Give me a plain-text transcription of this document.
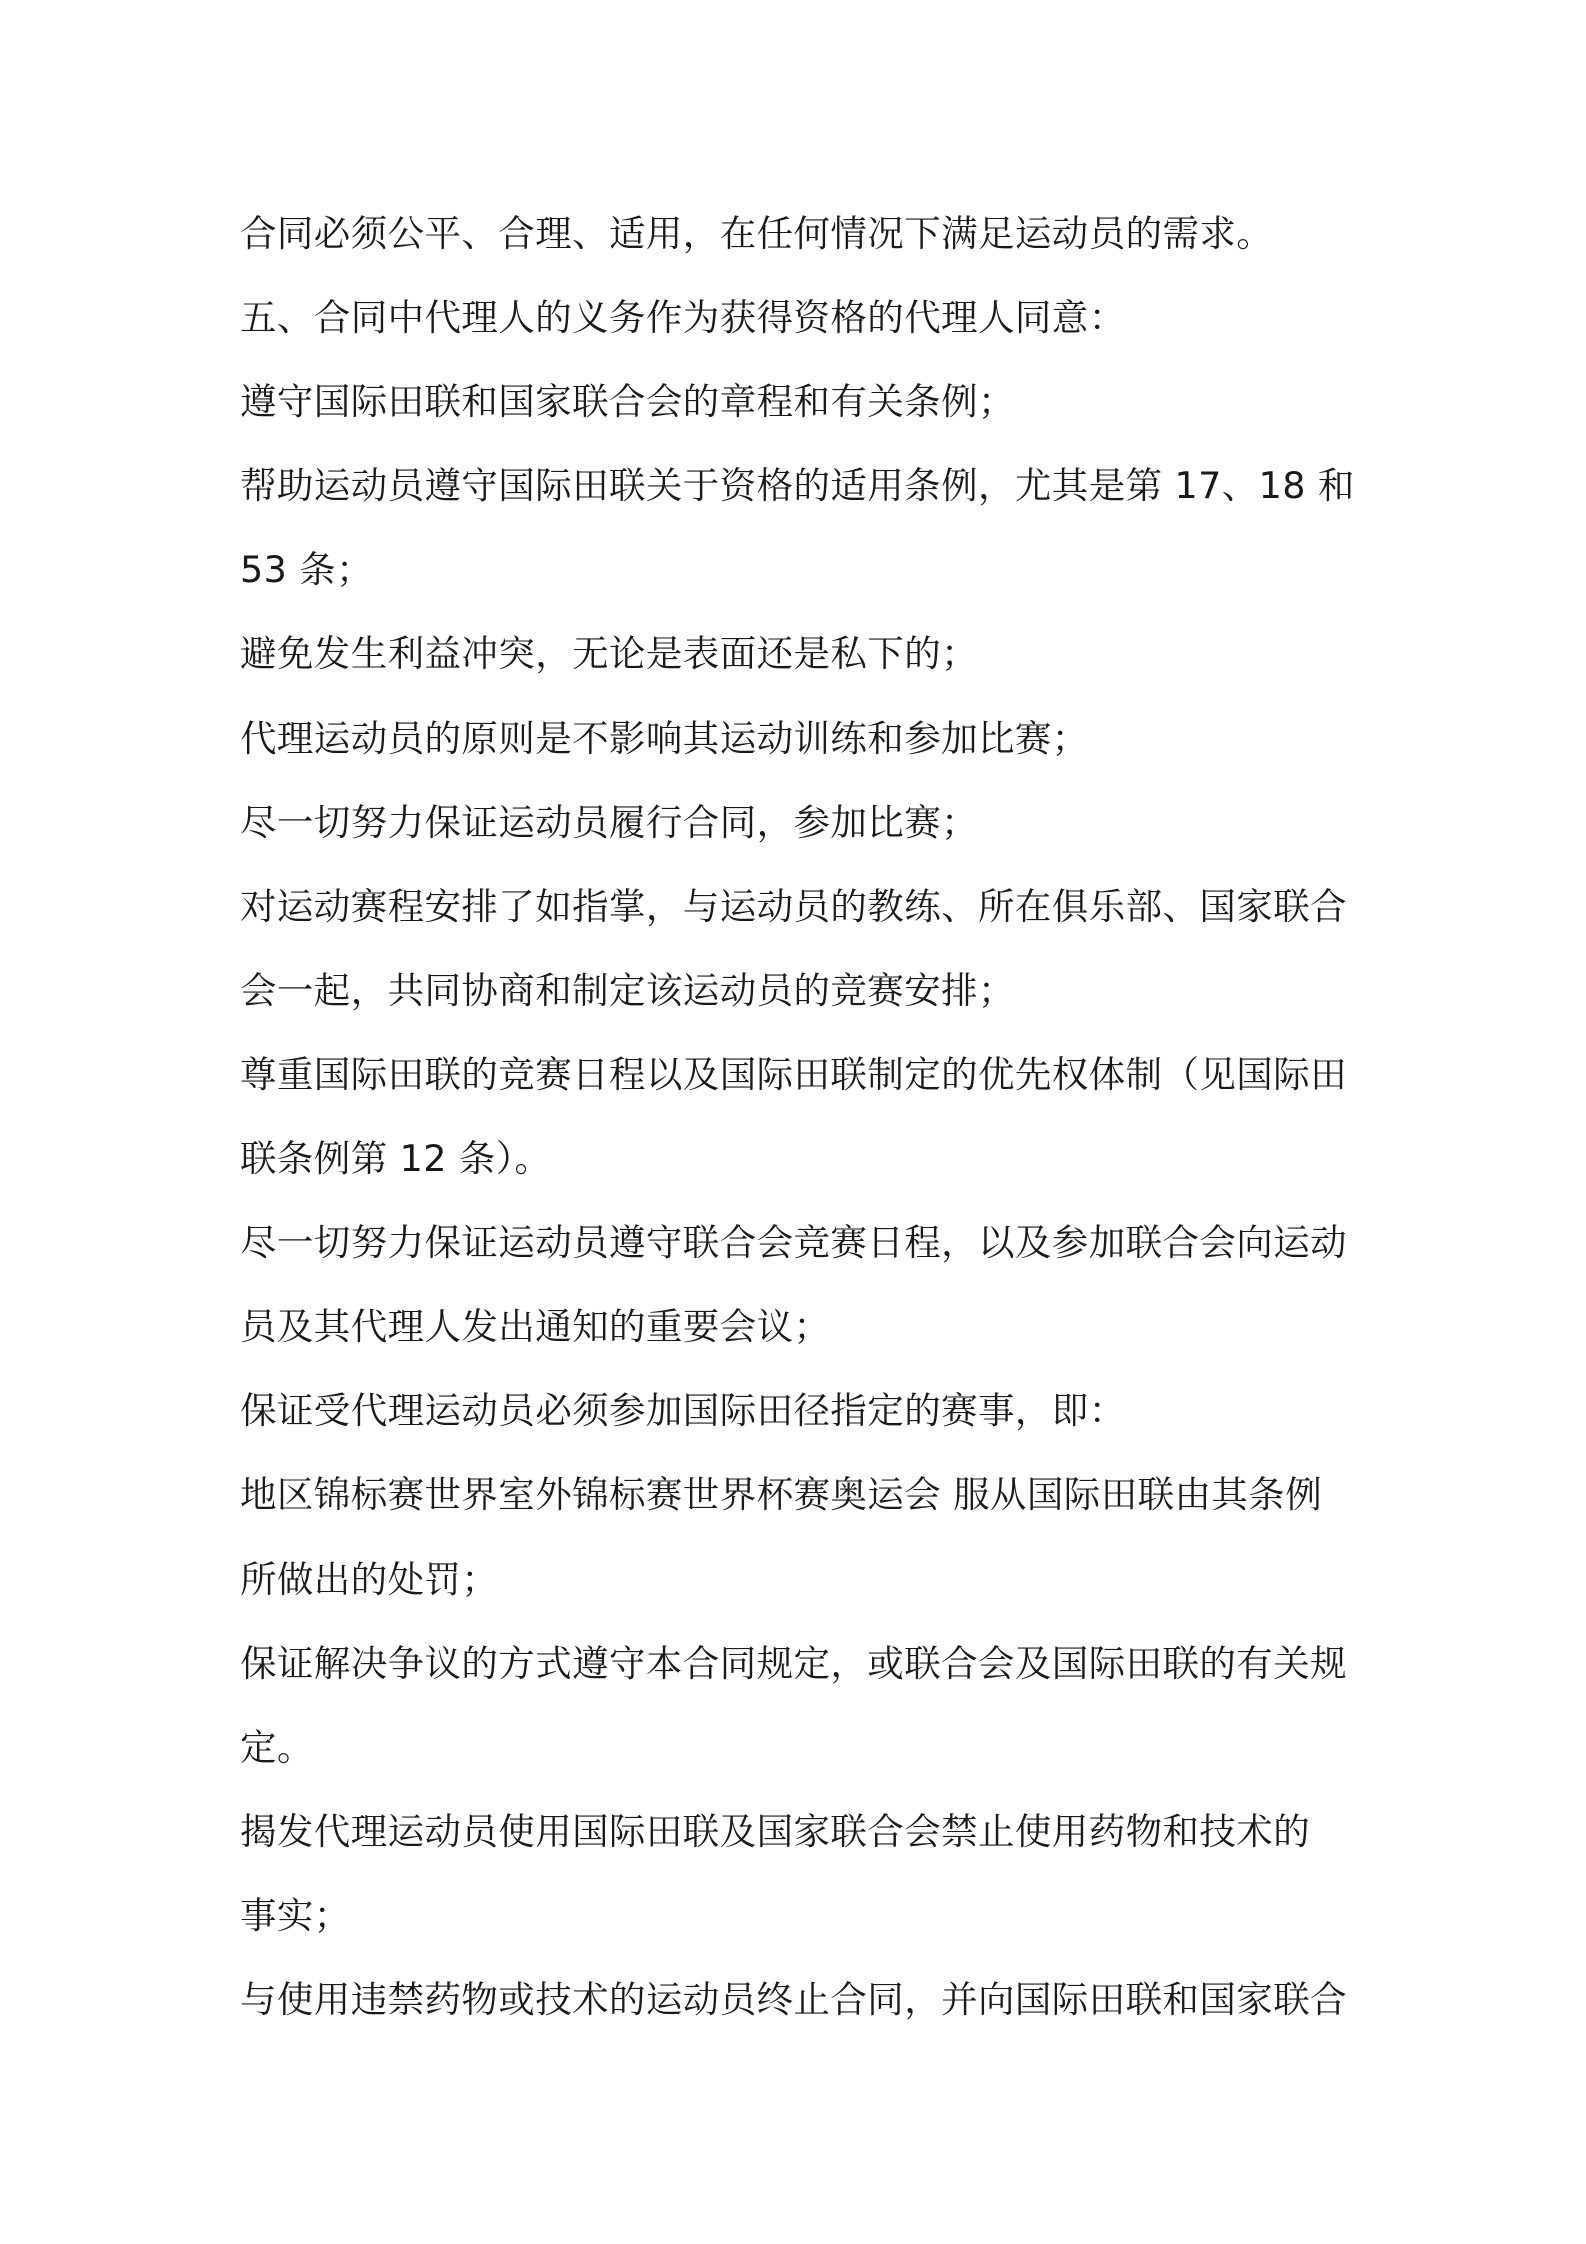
合同必须公平、合理、适用，在任何情况下满足运动员的需求。
五、合同中代理人的义务作为获得资格的代理人同意：
遵守国际田联和国家联合会的章程和有关条例；
帮助运动员遵守国际田联关于资格的适用条例，尤其是第 17、18 和
53 条；
避免发生利益冲突，无论是表面还是私下的；
代理运动员的原则是不影响其运动训练和参加比赛；
尽一切努力保证运动员履行合同，参加比赛；
对运动赛程安排了如指掌，与运动员的教练、所在俱乐部、国家联合
会一起，共同协商和制定该运动员的竞赛安排；
尊重国际田联的竞赛日程以及国际田联制定的优先权体制（见国际田
联条例第 12 条）。
尽一切努力保证运动员遵守联合会竞赛日程，以及参加联合会向运动
员及其代理人发出通知的重要会议；
保证受代理运动员必须参加国际田径指定的赛事，即：
地区锦标赛世界室外锦标赛世界杯赛奥运会 服从国际田联由其条例
所做出的处罚；
保证解决争议的方式遵守本合同规定，或联合会及国际田联的有关规
定。
揭发代理运动员使用国际田联及国家联合会禁止使用药物和技术的
事实；
与使用违禁药物或技术的运动员终止合同，并向国际田联和国家联合
